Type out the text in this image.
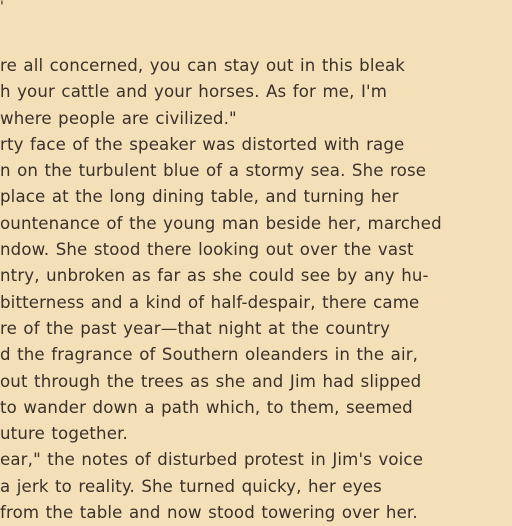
'
re all concerned, you can stay out in this bleak
h your cattle and your horses. As for me, I'm
where people are civilized."
rty face of the speaker was distorted with rage
n on the turbulent blue of a stormy sea. She rose
place at the long dining table, and turning her
ountenance of the young man beside her, marched
ndow. She stood there looking out over the vast
ntry, unbroken as far as she could see by any hu-
bitterness and a kind of half-despair, there came
re of the past year—that night at the country
d the fragrance of Southern oleanders in the air,
out through the trees as she and Jim had slipped
to wander down a path which, to them, seemed
uture together.
ear," the notes of disturbed protest in Jim's voice
a jerk to reality. She turned quicky, her eyes
from the table and now stood towering over her.
